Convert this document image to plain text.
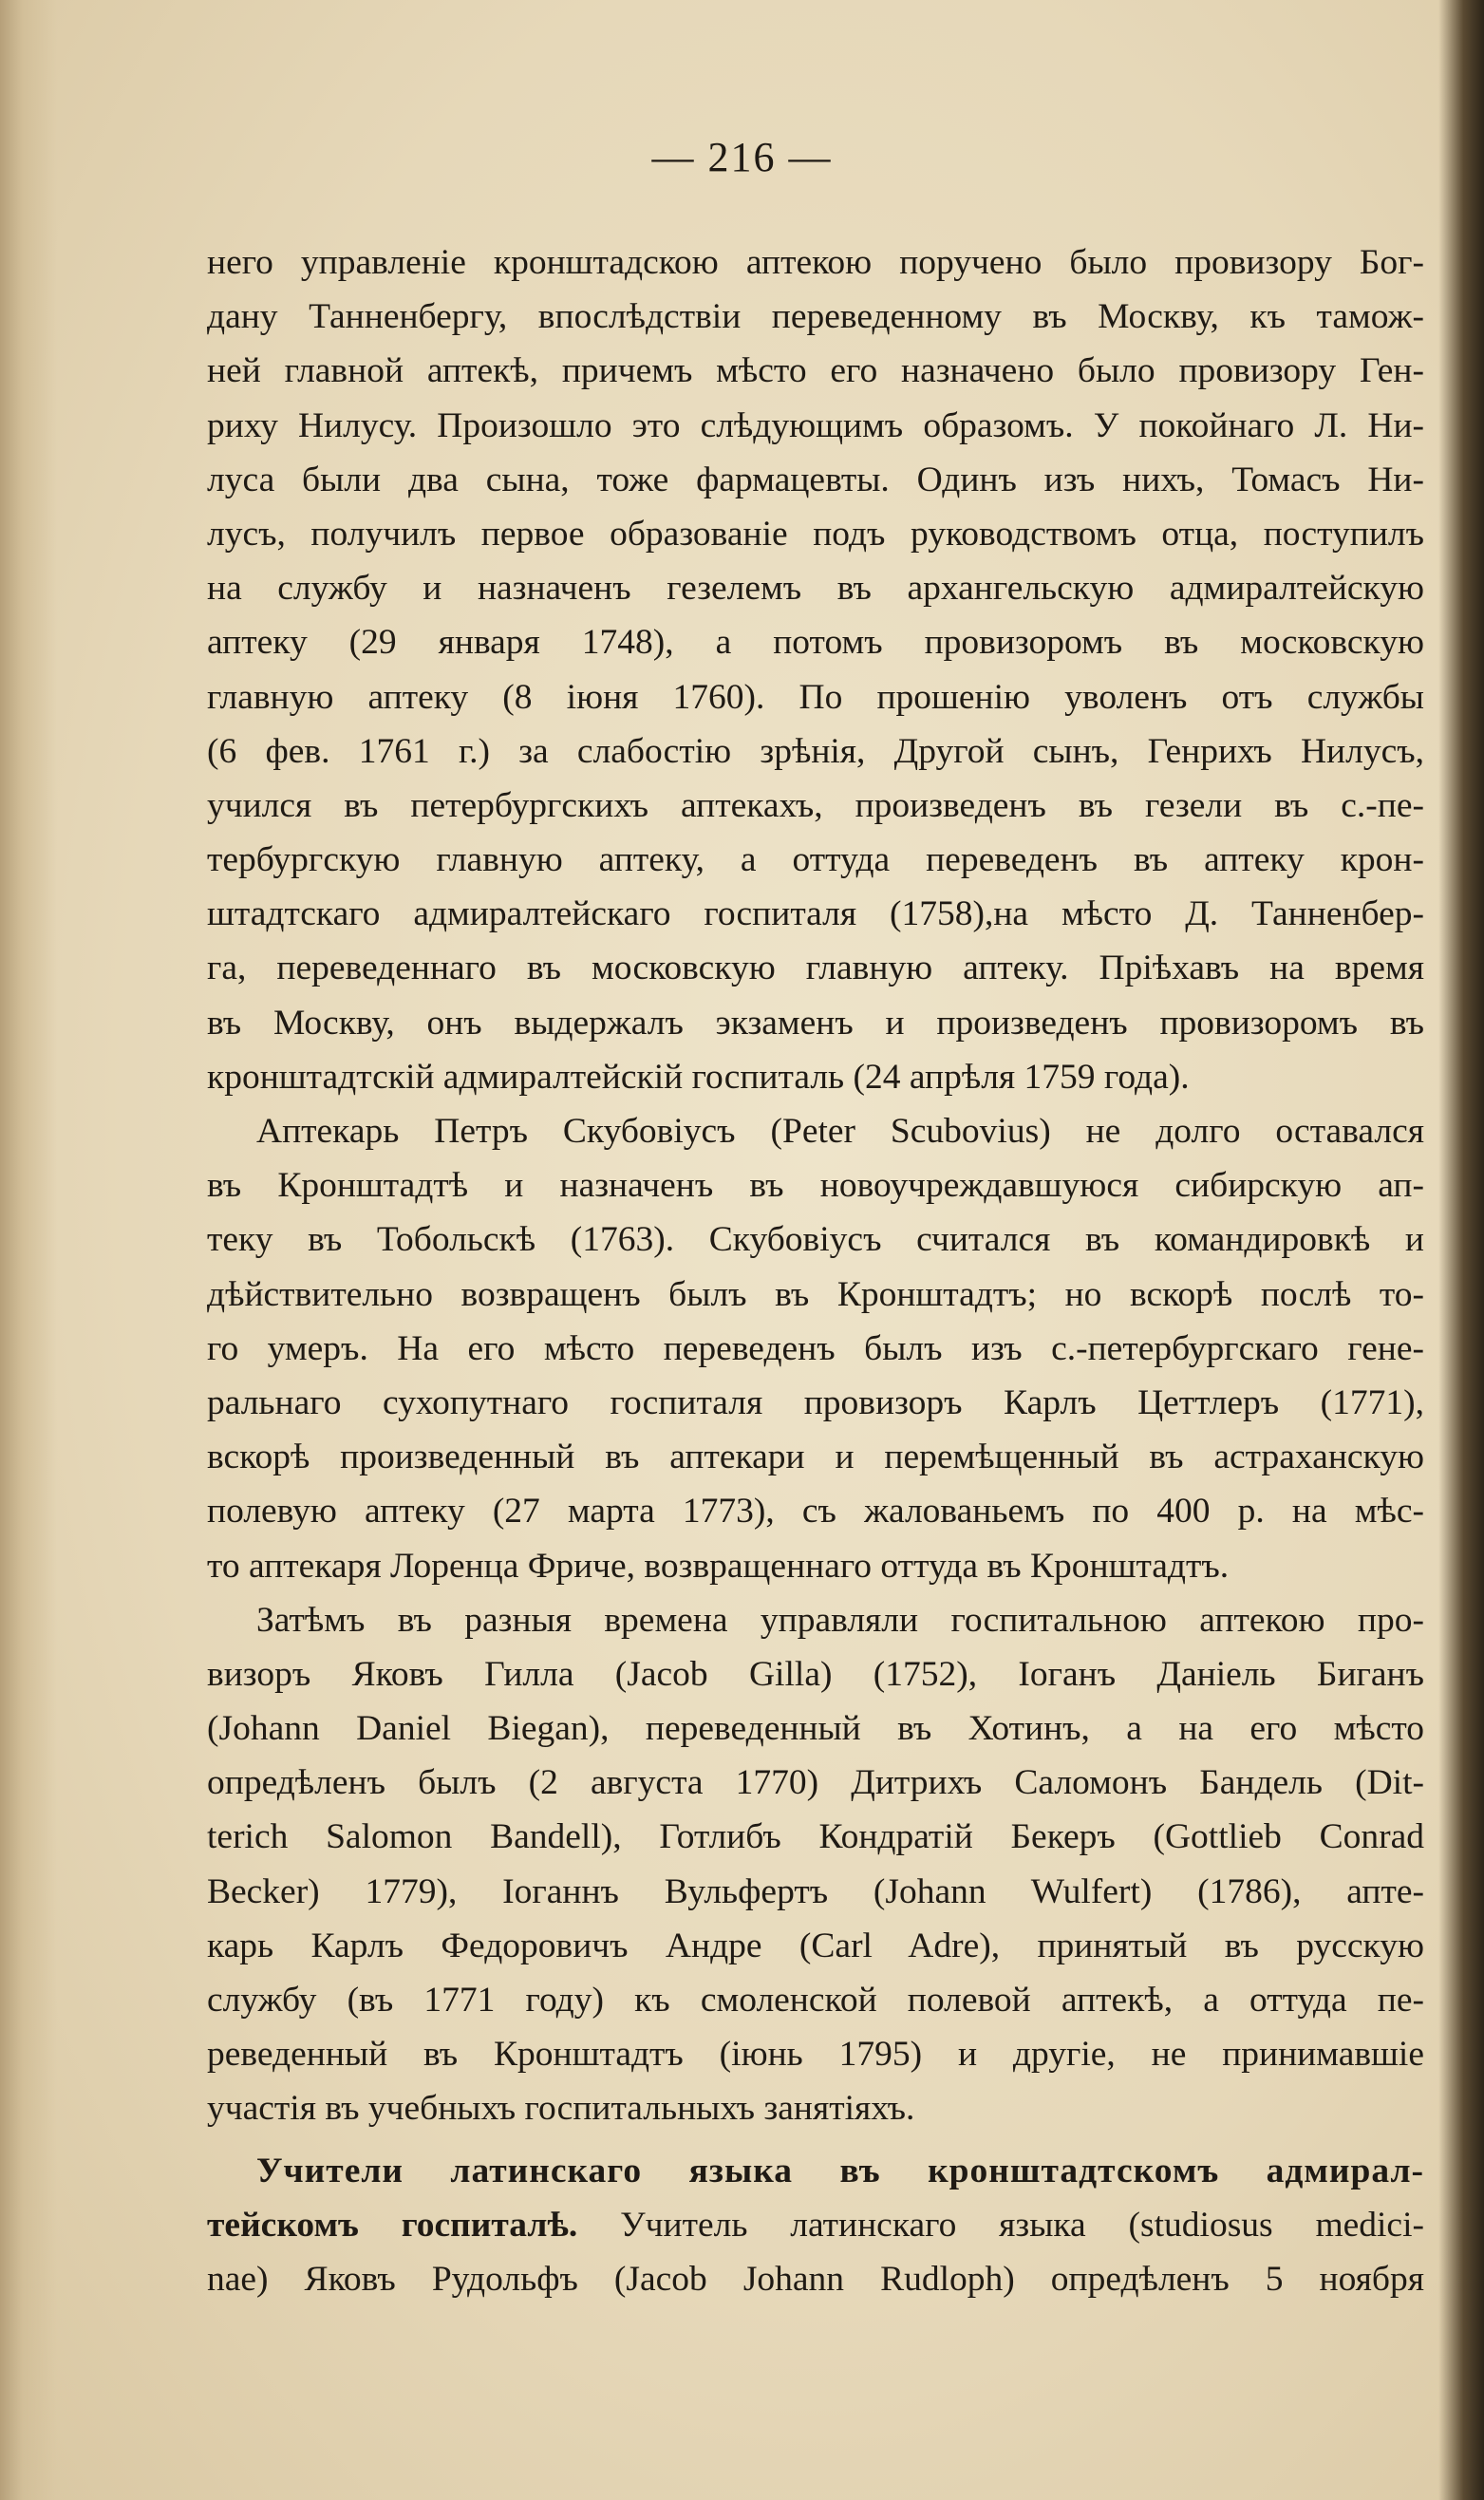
— 216 —
него управленіе кронштадскою аптекою поручено было провизору Бог-
дану Танненбергу, впослѣдствіи переведенному въ Москву, къ тамож-
ней главной аптекѣ, причемъ мѣсто его назначено было провизору Ген-
риху Нилусу. Произошло это слѣдующимъ образомъ. У покойнаго Л. Ни-
луса были два сына, тоже фармацевты. Одинъ изъ нихъ, Томасъ Ни-
лусъ, получилъ первое образованіе подъ руководствомъ отца, поступилъ
на службу и назначенъ гезелемъ въ архангельскую адмиралтейскую
аптеку (29 января 1748), а потомъ провизоромъ въ московскую
главную аптеку (8 іюня 1760). По прошенію уволенъ отъ службы
(6 фев. 1761 г.) за слабостію зрѣнія, Другой сынъ, Генрихъ Нилусъ,
учился въ петербургскихъ аптекахъ, произведенъ въ гезели въ с.-пе-
тербургскую главную аптеку, а оттуда переведенъ въ аптеку крон-
штадтскаго адмиралтейскаго госпиталя (1758),на мѣсто Д. Танненбер-
га, переведеннаго въ московскую главную аптеку. Пріѣхавъ на время
въ Москву, онъ выдержалъ экзаменъ и произведенъ провизоромъ въ
кронштадтскій адмиралтейскій госпиталь (24 апрѣля 1759 года).
Аптекарь Петръ Скубовіусъ (Peter Scubovius) не долго оставался
въ Кронштадтѣ и назначенъ въ новоучреждавшуюся сибирскую ап-
теку въ Тобольскѣ (1763). Скубовіусъ считался въ командировкѣ и
дѣйствительно возвращенъ былъ въ Кронштадтъ; но вскорѣ послѣ то-
го умеръ. На его мѣсто переведенъ былъ изъ с.-петербургскаго гене-
ральнаго сухопутнаго госпиталя провизоръ Карлъ Цеттлеръ (1771),
вскорѣ произведенный въ аптекари и перемѣщенный въ астраханскую
полевую аптеку (27 марта 1773), съ жалованьемъ по 400 р. на мѣс-
то аптекаря Лоренца Фриче, возвращеннаго оттуда въ Кронштадтъ.
Затѣмъ въ разныя времена управляли госпитальною аптекою про-
визоръ Яковъ Гилла (Jacob Gilla) (1752), Іоганъ Даніель Биганъ
(Johann Daniel Biegan), переведенный въ Хотинъ, а на его мѣсто
опредѣленъ былъ (2 августа 1770) Дитрихъ Саломонъ Бандель (Dit-
terich Salomon Bandell), Готлибъ Кондратій Бекеръ (Gottlieb Conrad
Becker) 1779), Іоганнъ Вульфертъ (Johann Wulfert) (1786), апте-
карь Карлъ Федоровичъ Андре (Carl Adre), принятый въ русскую
службу (въ 1771 году) къ смоленской полевой аптекѣ, а оттуда пе-
реведенный въ Кронштадтъ (іюнь 1795) и другіе, не принимавшіе
участія въ учебныхъ госпитальныхъ занятіяхъ.
Учители латинскаго языка въ кронштадтскомъ адмирал-
тейскомъ госпиталѣ. Учитель латинскаго языка (studiosus medici-
nae) Яковъ Рудольфъ (Jacob Johann Rudloph) опредѣленъ 5 ноября
